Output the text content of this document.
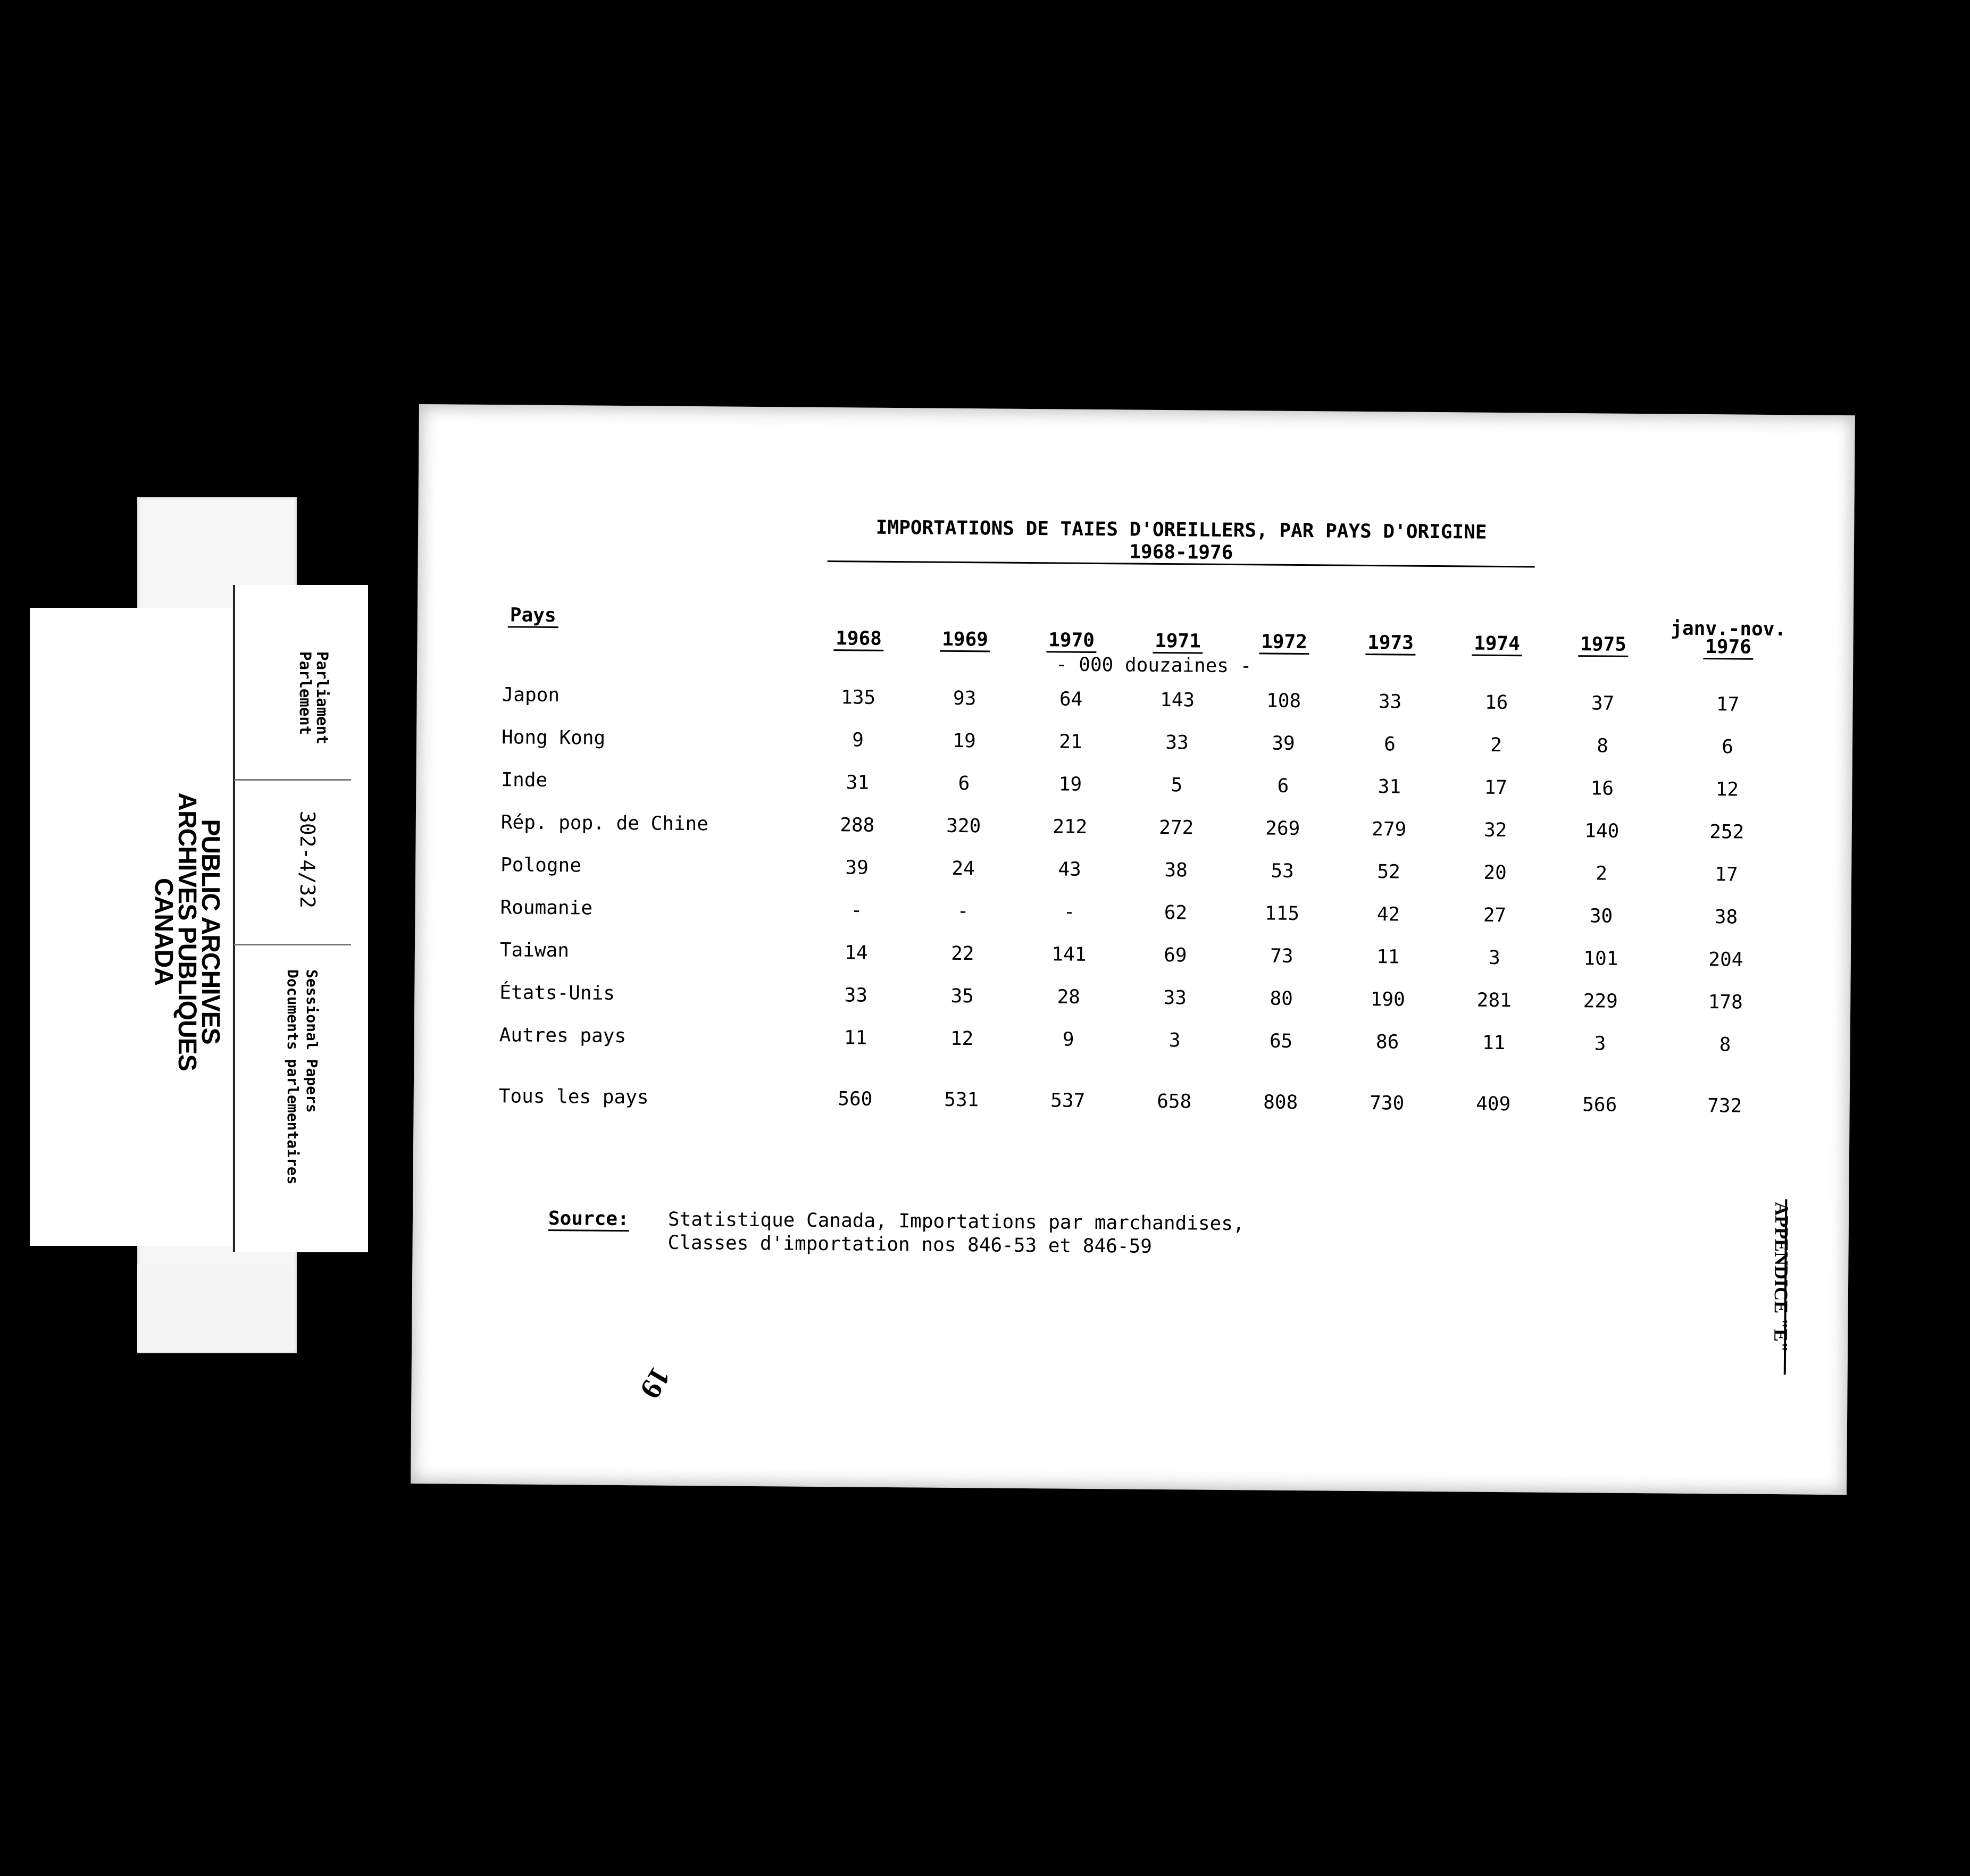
PUBLIC ARCHIVES
ARCHIVES PUBLIQUES
CANADA
Parliament
Parlement
302-4/32
Sessional Papers
Documents parlementaires
IMPORTATIONS DE TAIES D'OREILLERS, PAR PAYS D'ORIGINE
1968-1976
Pays	1968	1969	1970	1971	1972	1973	1974	1975	janv.-nov.
1976
	- 000 douzaines -								
Japon	135	93	64	143	108	33	16	37	17
Hong Kong	9	19	21	33	39	6	2	8	6
Inde	31	6	19	5	6	31	17	16	12
Rép. pop. de Chine	288	320	212	272	269	279	32	140	252
Pologne	39	24	43	38	53	52	20	2	17
Roumanie	-	-	-	62	115	42	27	30	38
Taiwan	14	22	141	69	73	11	3	101	204
États-Unis	33	35	28	33	80	190	281	229	178
Autres pays	11	12	9	3	65	86	11	3	8
Tous les pays	560	531	537	658	808	730	409	566	732
Source: Statistique Canada, Importations par marchandises,
Classes d'importation nos 846-53 et 846-59	APPENDICE "E"
19
